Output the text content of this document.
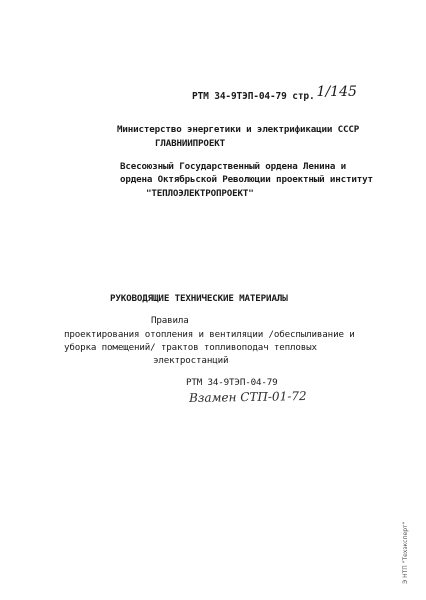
РТМ 34-9ТЭП-04-79 стр. 1/145
Министерство энергетики и электрификации СССР
ГЛАВНИИПРОЕКТ
Всесоюзный Государственный ордена Ленина и
ордена Октябрьской Революции проектный институт
"ТЕПЛОЭЛЕКТРОПРОЕКТ"
РУКОВОДЯЩИЕ ТЕХНИЧЕСКИЕ МАТЕРИАЛЫ
Правила
проектирования отопления и вентиляции /обеспыливание и
уборка помещений/ трактов топливоподач тепловых
электростанций
РТМ 34-9ТЭП-04-79
Взамен СТП-01-72
Э НТП "Техэксперт"
